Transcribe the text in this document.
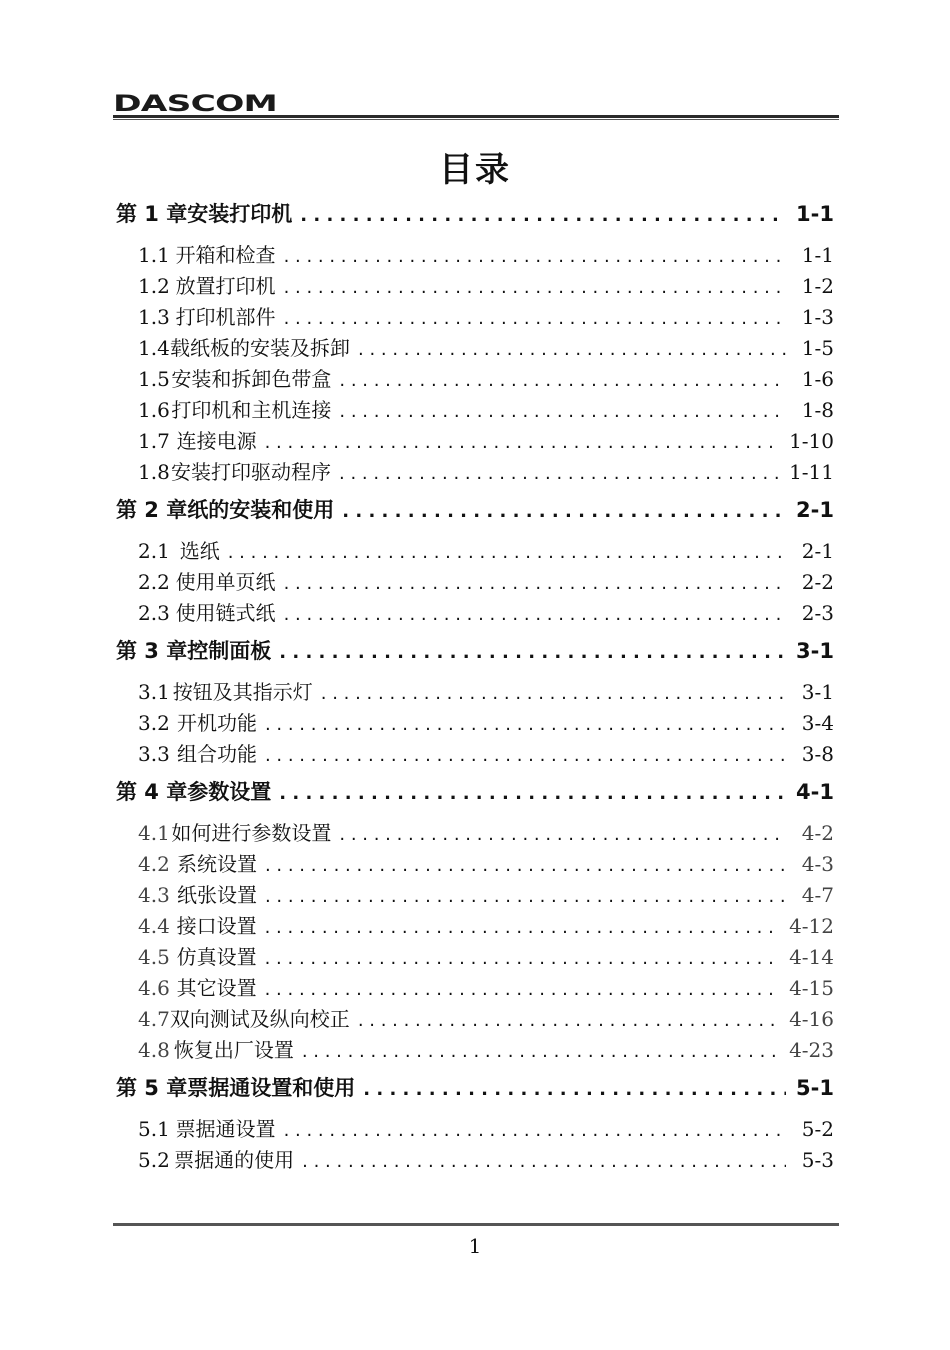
DASCOM
目录
第 1 章 安装打印机 . . .	1-1
1.1 开箱和检查 . . .	1-1
1.2 放置打印机 . . .	1-2
1.3 打印机部件 . . .	1-3
1.4 载纸板的安装及拆卸 . . .	1-5
1.5 安装和拆卸色带盒 . . .	1-6
1.6 打印机和主机连接 . . .	1-8
1.7 连接电源 . . .	1-10
1.8 安装打印驱动程序 . . .	1-11
第 2 章 纸的安装和使用 . . .	2-1
2.1 选纸 . . .	2-1
2.2 使用单页纸 . . .	2-2
2.3 使用链式纸 . . .	2-3
第 3 章 控制面板 . . .	3-1
3.1 按钮及其指示灯 . . .	3-1
3.2 开机功能 . . .	3-4
3.3 组合功能 . . .	3-8
第 4 章 参数设置 . . .	4-1
4.1 如何进行参数设置 . . .	4-2
4.2 系统设置 . . .	4-3
4.3 纸张设置 . . .	4-7
4.4 接口设置 . . .	4-12
4.5 仿真设置 . . .	4-14
4.6 其它设置 . . .	4-15
4.7 双向测试及纵向校正 . . .	4-16
4.8 恢复出厂设置 . . .	4-23
第 5 章 票据通设置和使用 . . .	5-1
5.1 票据通设置 . . .	5-2
5.2 票据通的使用 . . .	5-3
1
